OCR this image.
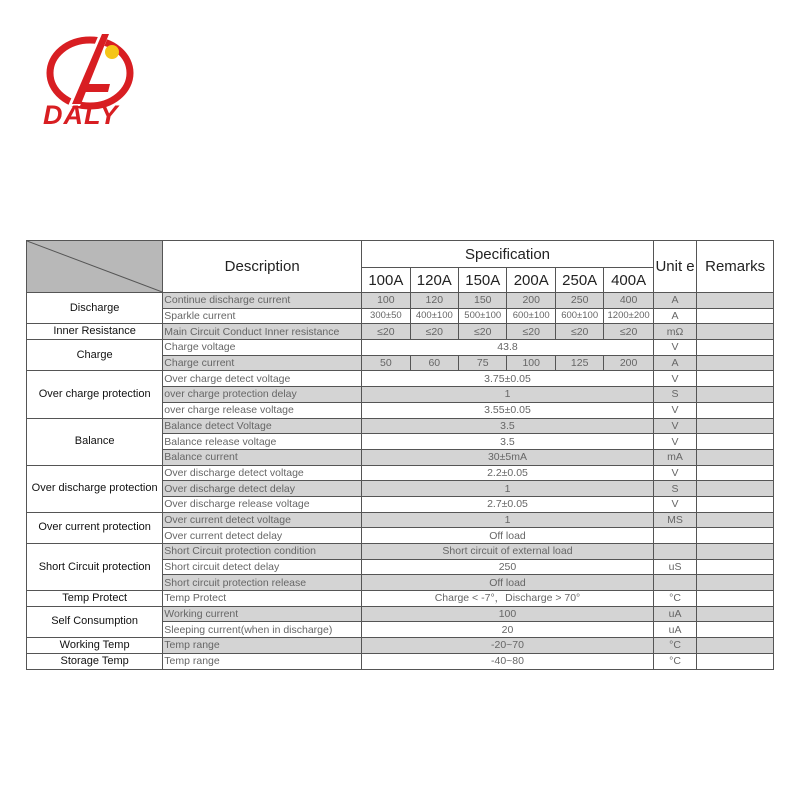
DALY
	Description	Specification						Unit e	Remarks
		100A	120A	150A	200A	250A	400A		
Discharge	Continue discharge current	100	120	150	200	250	400	A	
	Sparkle current	300±50	400±100	500±100	600±100	600±100	1200±200	A	
Inner Resistance	Main Circuit Conduct Inner resistance	≤20	≤20	≤20	≤20	≤20	≤20	mΩ	
Charge	Charge voltage	43.8						V	
	Charge current	50	60	75	100	125	200	A	
Over charge protection	Over charge detect voltage	3.75±0.05						V	
	over charge protection delay	1						S	
	over charge release voltage	3.55±0.05						V	
Balance	Balance detect Voltage	3.5						V	
	Balance release voltage	3.5						V	
	Balance current	30±5mA						mA	
Over discharge protection	Over discharge detect voltage	2.2±0.05						V	
	Over discharge detect delay	1						S	
	Over discharge release voltage	2.7±0.05						V	
Over current protection	Over current detect voltage	1						MS	
	Over current detect delay	Off load							
Short Circuit protection	Short Circuit protection condition	Short circuit of external load							
	Short circuit detect delay	250						uS	
	Short circuit protection release	Off load							
Temp Protect	Temp Protect	Charge < -7°，Discharge > 70°						°C	
Self Consumption	Working current	100						uA	
	Sleeping current(when in discharge)	20						uA	
Working Temp	Temp range	-20~70						°C	
Storage Temp	Temp range	-40~80						°C	
